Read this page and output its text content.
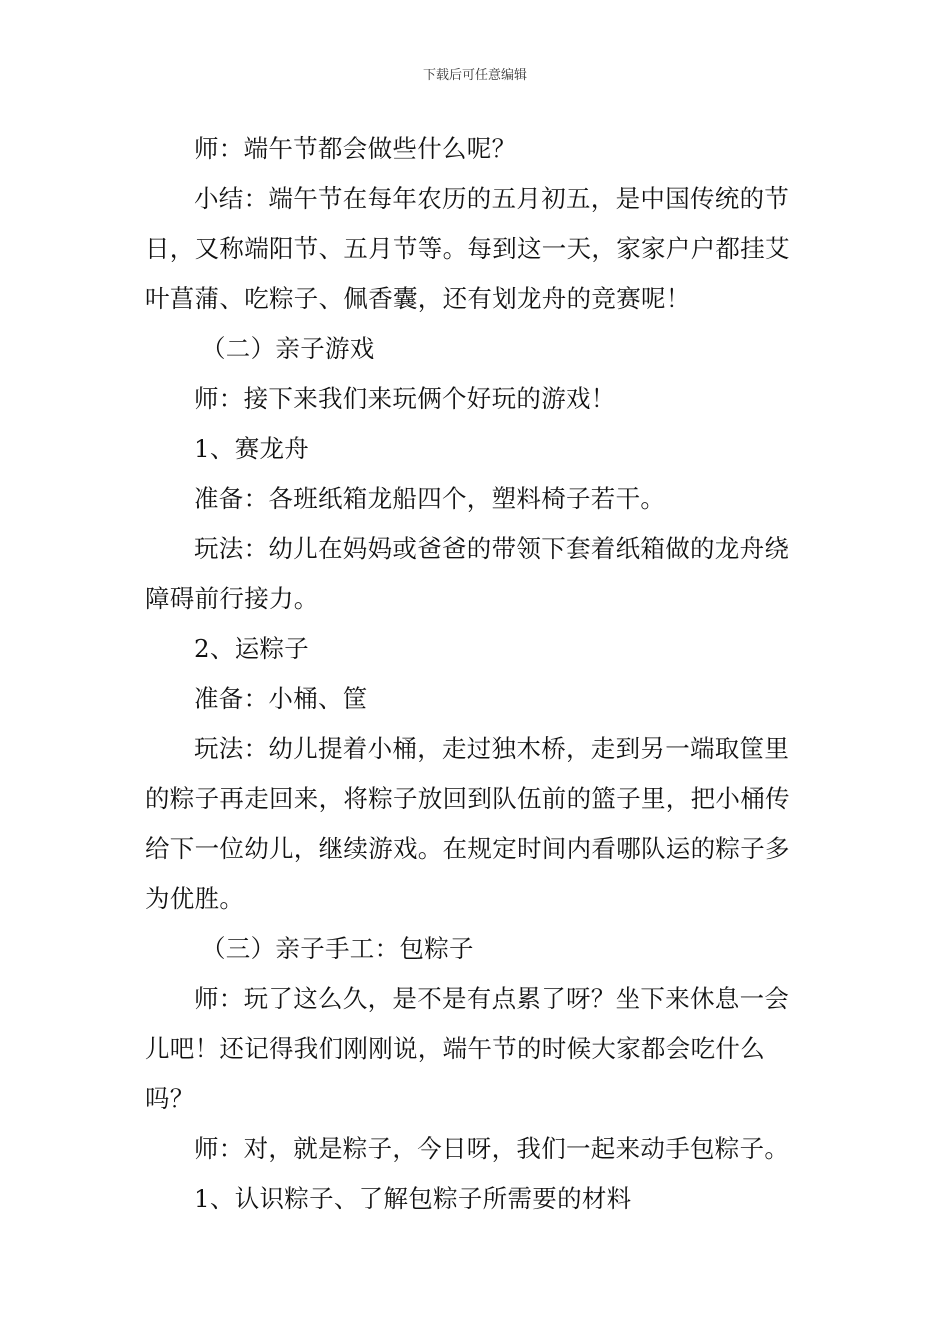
下载后可任意编辑

师：端午节都会做些什么呢？

小结：端午节在每年农历的五月初五，是中国传统的节日，又称端阳节、五月节等。每到这一天，家家户户都挂艾叶菖蒲、吃粽子、佩香囊，还有划龙舟的竞赛呢！

（二）亲子游戏

师：接下来我们来玩俩个好玩的游戏！

1、赛龙舟

准备：各班纸箱龙船四个，塑料椅子若干。

玩法：幼儿在妈妈或爸爸的带领下套着纸箱做的龙舟绕障碍前行接力。

2、运粽子

准备：小桶、筐

玩法：幼儿提着小桶，走过独木桥，走到另一端取筐里的粽子再走回来，将粽子放回到队伍前的篮子里，把小桶传给下一位幼儿，继续游戏。在规定时间内看哪队运的粽子多为优胜。

（三）亲子手工：包粽子

师：玩了这么久，是不是有点累了呀？坐下来休息一会儿吧！还记得我们刚刚说，端午节的时候大家都会吃什么吗？

师：对，就是粽子，今日呀，我们一起来动手包粽子。

1、认识粽子、了解包粽子所需要的材料
